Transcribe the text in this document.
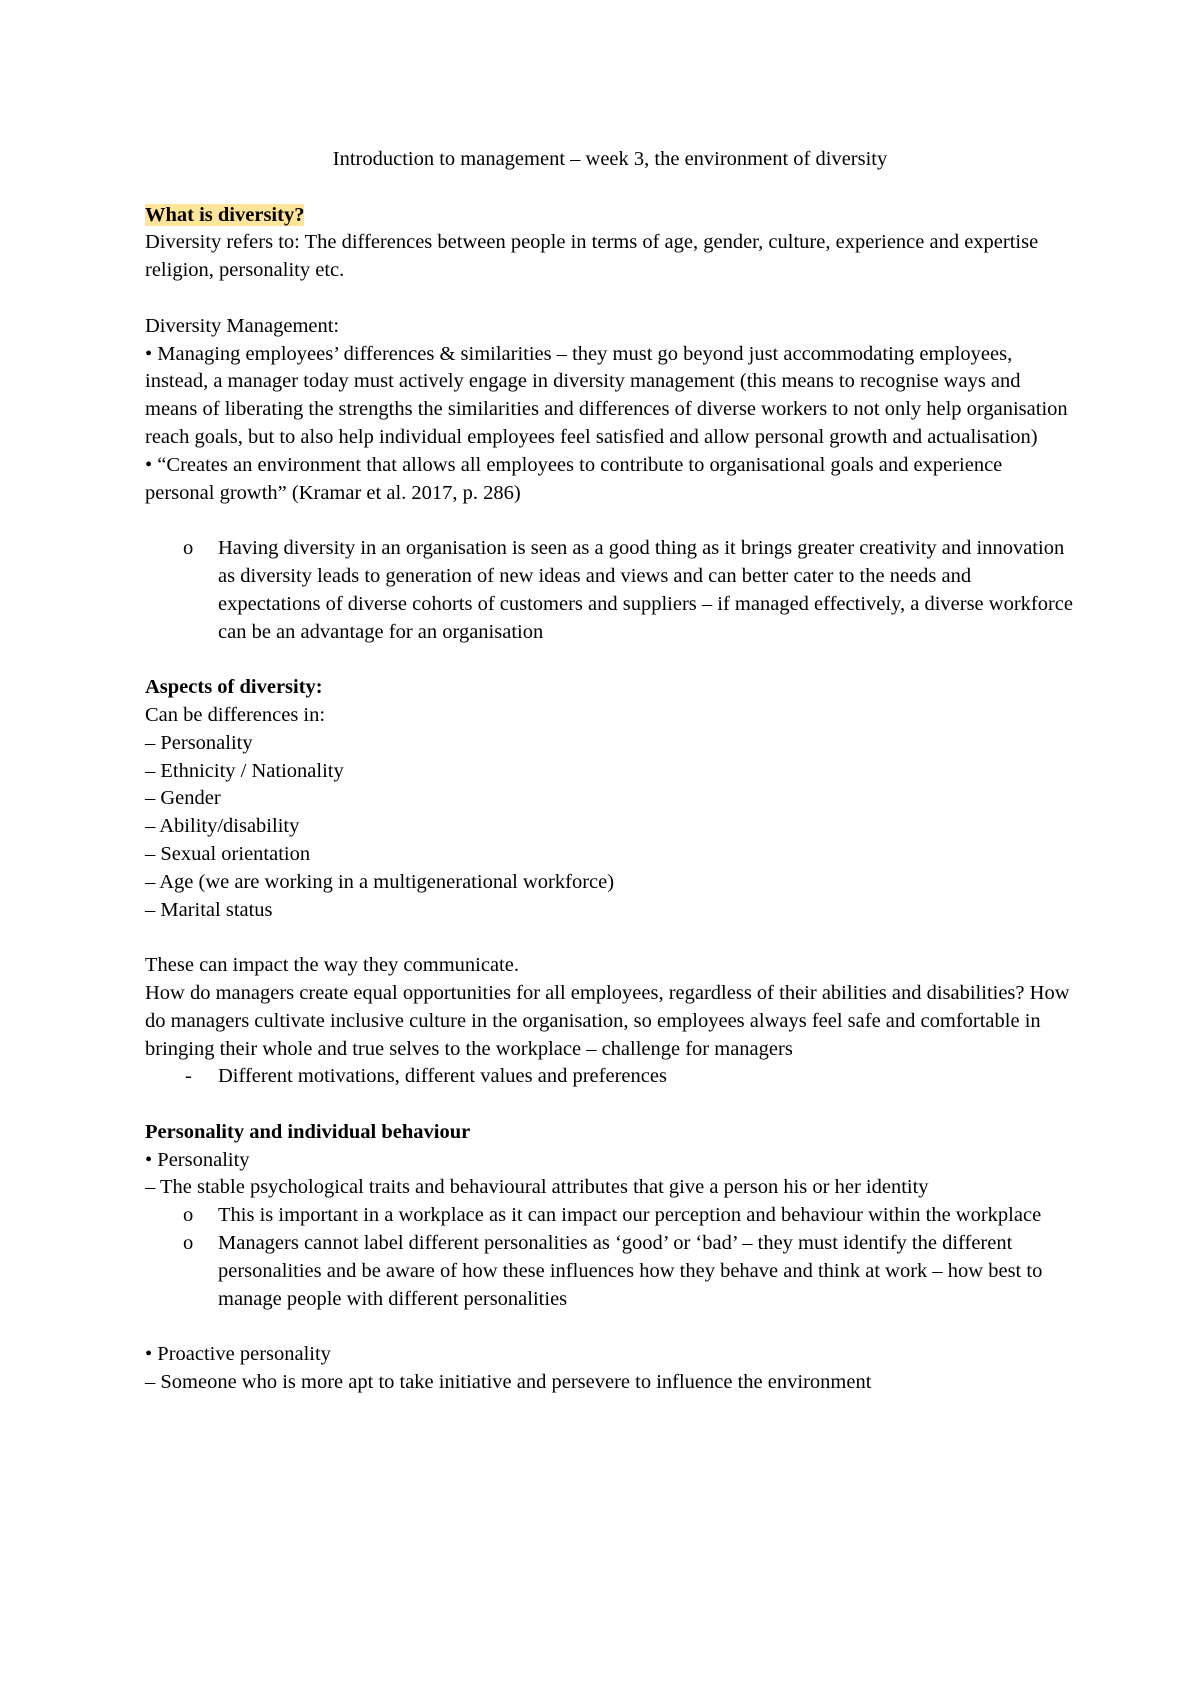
Introduction to management – week 3, the environment of diversity

What is diversity?

Diversity refers to: The differences between people in terms of age, gender, culture, experience and expertise religion, personality etc.

Diversity Management:

• Managing employees’ differences & similarities – they must go beyond just accommodating employees, instead, a manager today must actively engage in diversity management (this means to recognise ways and means of liberating the strengths the similarities and differences of diverse workers to not only help organisation reach goals, but to also help individual employees feel satisfied and allow personal growth and actualisation)

• “Creates an environment that allows all employees to contribute to organisational goals and experience personal growth” (Kramar et al. 2017, p. 286)

o Having diversity in an organisation is seen as a good thing as it brings greater creativity and innovation as diversity leads to generation of new ideas and views and can better cater to the needs and expectations of diverse cohorts of customers and suppliers – if managed effectively, a diverse workforce can be an advantage for an organisation

Aspects of diversity:

Can be differences in:

– Personality

– Ethnicity / Nationality

– Gender

– Ability/disability

– Sexual orientation

– Age (we are working in a multigenerational workforce)

– Marital status

These can impact the way they communicate.

How do managers create equal opportunities for all employees, regardless of their abilities and disabilities? How do managers cultivate inclusive culture in the organisation, so employees always feel safe and comfortable in bringing their whole and true selves to the workplace – challenge for managers

- Different motivations, different values and preferences

Personality and individual behaviour

• Personality

– The stable psychological traits and behavioural attributes that give a person his or her identity

o This is important in a workplace as it can impact our perception and behaviour within the workplace
o Managers cannot label different personalities as ‘good’ or ‘bad’ – they must identify the different personalities and be aware of how these influences how they behave and think at work – how best to manage people with different personalities

• Proactive personality

– Someone who is more apt to take initiative and persevere to influence the environment
